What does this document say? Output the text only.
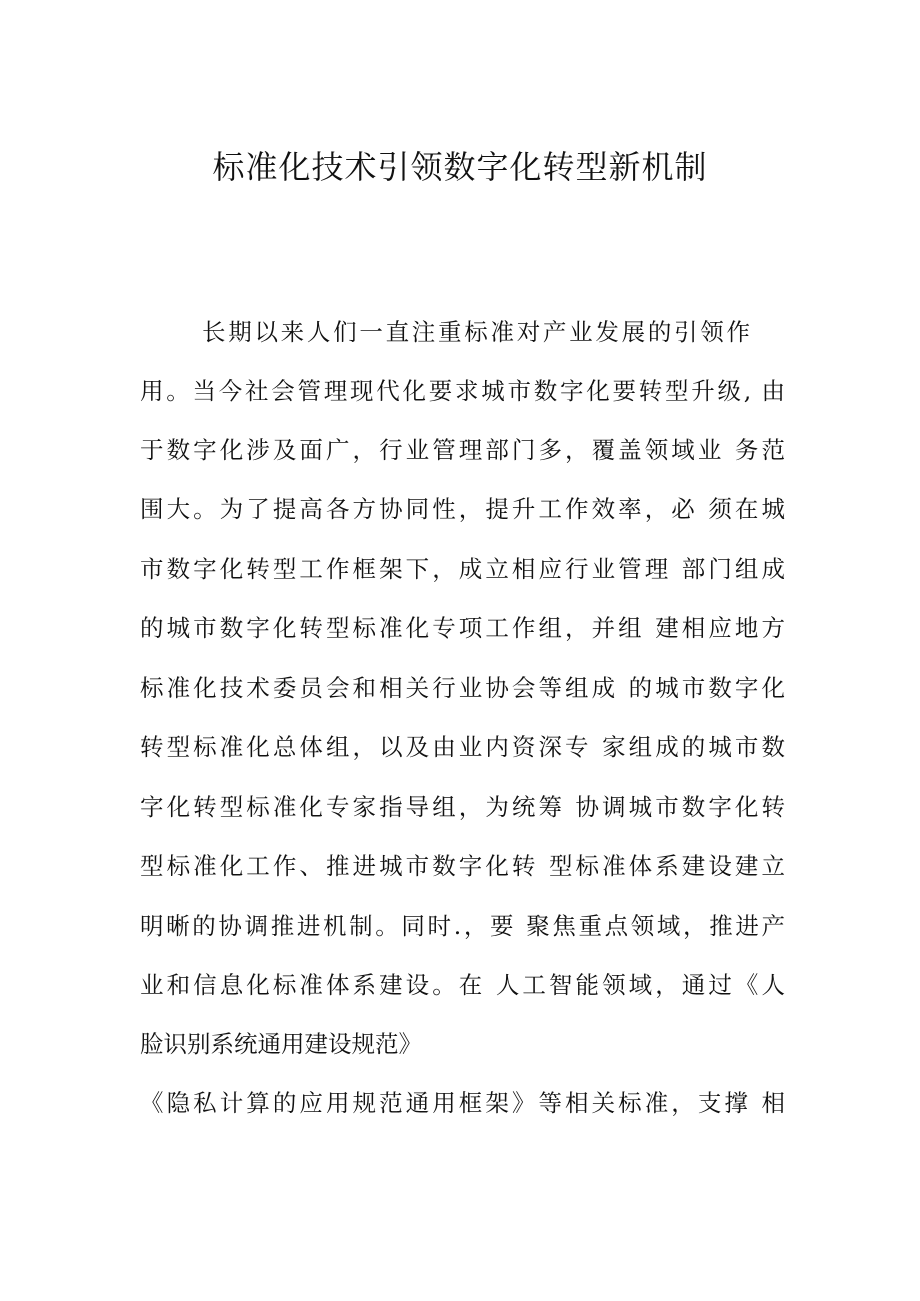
标准化技术引领数字化转型新机制
长期以来人们一直注重标准对产业发展的引领作
用。当今社会管理现代化要求城市数字化要转型升级, 由
于数字化涉及面广，行业管理部门多，覆盖领域业 务范
围大。为了提高各方协同性，提升工作效率，必 须在城
市数字化转型工作框架下，成立相应行业管理 部门组成
的城市数字化转型标准化专项工作组，并组 建相应地方
标准化技术委员会和相关行业协会等组成 的城市数字化
转型标准化总体组，以及由业内资深专 家组成的城市数
字化转型标准化专家指导组，为统筹 协调城市数字化转
型标准化工作、推进城市数字化转 型标准体系建设建立
明晰的协调推进机制。同时.，要 聚焦重点领域，推进产
业和信息化标准体系建设。在 人工智能领域，通过《人
脸识别系统通用建设规范》
《隐私计算的应用规范通用框架》等相关标准，支撑 相
